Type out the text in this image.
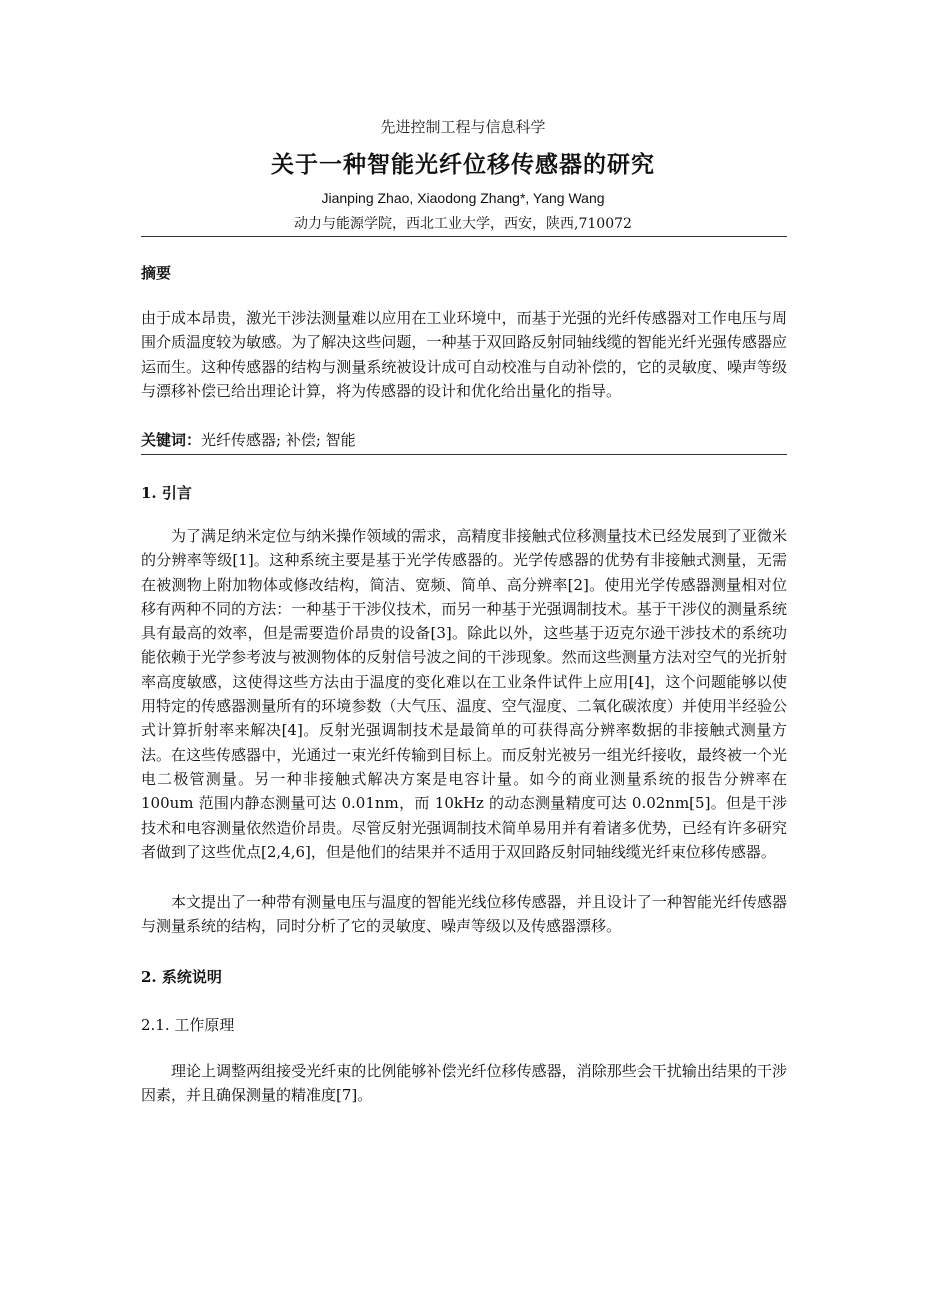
先进控制工程与信息科学
关于一种智能光纤位移传感器的研究
Jianping Zhao, Xiaodong Zhang*, Yang Wang
动力与能源学院，西北工业大学，西安，陕西,710072
摘要
由于成本昂贵，激光干涉法测量难以应用在工业环境中，而基于光强的光纤传感器对工作电压与周围介质温度较为敏感。为了解决这些问题，一种基于双回路反射同轴线缆的智能光纤光强传感器应运而生。这种传感器的结构与测量系统被设计成可自动校准与自动补偿的，它的灵敏度、噪声等级与漂移补偿已给出理论计算，将为传感器的设计和优化给出量化的指导。
关键词：光纤传感器; 补偿; 智能
1. 引言
为了满足纳米定位与纳米操作领域的需求，高精度非接触式位移测量技术已经发展到了亚微米的分辨率等级[1]。这种系统主要是基于光学传感器的。光学传感器的优势有非接触式测量，无需在被测物上附加物体或修改结构，简洁、宽频、简单、高分辨率[2]。使用光学传感器测量相对位移有两种不同的方法：一种基于干涉仪技术，而另一种基于光强调制技术。基于干涉仪的测量系统具有最高的效率，但是需要造价昂贵的设备[3]。除此以外，这些基于迈克尔逊干涉技术的系统功能依赖于光学参考波与被测物体的反射信号波之间的干涉现象。然而这些测量方法对空气的光折射率高度敏感，这使得这些方法由于温度的变化难以在工业条件试件上应用[4]，这个问题能够以使用特定的传感器测量所有的环境参数（大气压、温度、空气湿度、二氧化碳浓度）并使用半经验公式计算折射率来解决[4]。反射光强调制技术是最简单的可获得高分辨率数据的非接触式测量方法。在这些传感器中，光通过一束光纤传输到目标上。而反射光被另一组光纤接收，最终被一个光电二极管测量。另一种非接触式解决方案是电容计量。如今的商业测量系统的报告分辨率在 100um 范围内静态测量可达 0.01nm，而 10kHz 的动态测量精度可达 0.02nm[5]。但是干涉技术和电容测量依然造价昂贵。尽管反射光强调制技术简单易用并有着诸多优势，已经有许多研究者做到了这些优点[2,4,6]，但是他们的结果并不适用于双回路反射同轴线缆光纤束位移传感器。
本文提出了一种带有测量电压与温度的智能光线位移传感器，并且设计了一种智能光纤传感器与测量系统的结构，同时分析了它的灵敏度、噪声等级以及传感器漂移。
2. 系统说明
2.1. 工作原理
理论上调整两组接受光纤束的比例能够补偿光纤位移传感器，消除那些会干扰输出结果的干涉因素，并且确保测量的精准度[7]。
